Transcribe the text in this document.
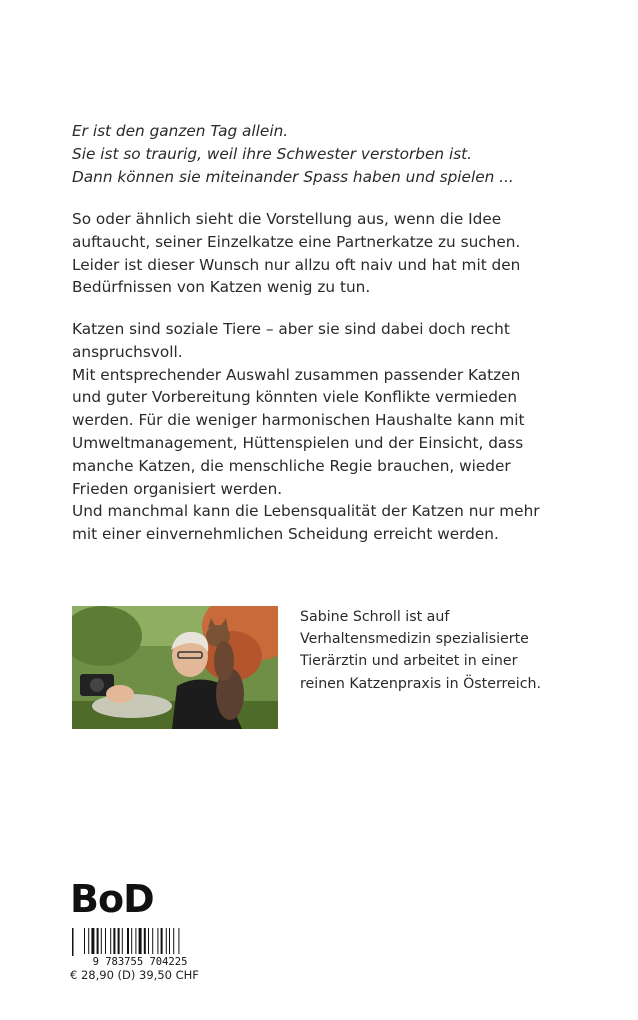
Er ist den ganzen Tag allein.
Sie ist so traurig, weil ihre Schwester verstorben ist.
Dann können sie miteinander Spass haben und spielen ...
So oder ähnlich sieht die Vorstellung aus, wenn die Idee
auftaucht, seiner Einzelkatze eine Partnerkatze zu suchen.
Leider ist dieser Wunsch nur allzu oft naiv und hat mit den
Bedürfnissen von Katzen wenig zu tun.
Katzen sind soziale Tiere – aber sie sind dabei doch recht
anspruchsvoll.
Mit entsprechender Auswahl zusammen passender Katzen
und guter Vorbereitung könnten viele Konflikte vermieden
werden. Für die weniger harmonischen Haushalte kann mit
Umweltmanagement, Hüttenspielen und der Einsicht, dass
manche Katzen, die menschliche Regie brauchen, wieder
Frieden organisiert werden.
Und manchmal kann die Lebensqualität der Katzen nur mehr
mit einer einvernehmlichen Scheidung erreicht werden.
Sabine Schroll ist auf
Verhaltensmedizin spezialisierte
Tierärztin und arbeitet in einer
reinen Katzenpraxis in Österreich.
BoD
9 783755 704225
€ 28,90 (D) 39,50 CHF
